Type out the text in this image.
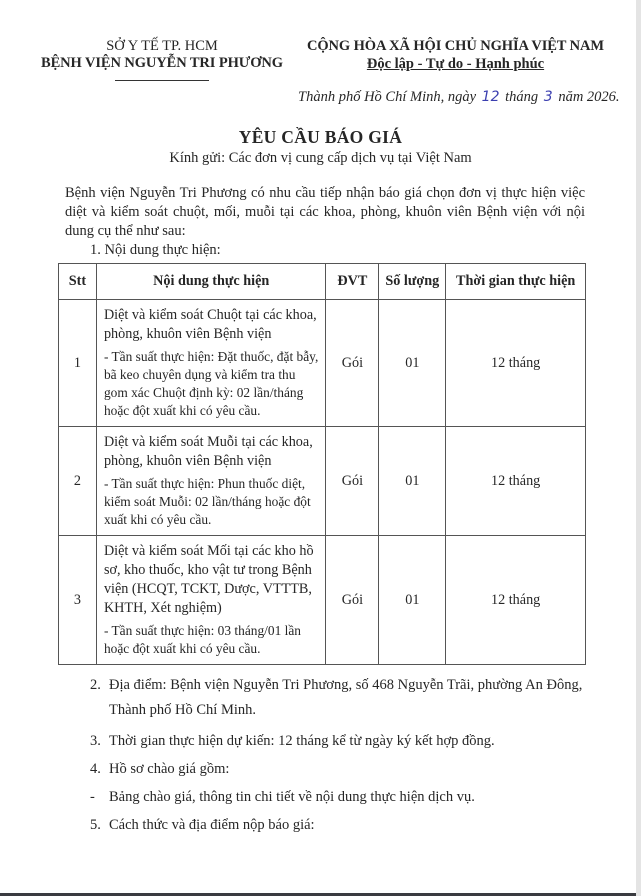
SỞ Y TẾ TP. HCM
BỆNH VIỆN NGUYỄN TRI PHƯƠNG
CỘNG HÒA XÃ HỘI CHỦ NGHĨA VIỆT NAM
Độc lập - Tự do - Hạnh phúc
Thành phố Hồ Chí Minh, ngày 12 tháng 3 năm 2026.
YÊU CẦU BÁO GIÁ
Kính gửi: Các đơn vị cung cấp dịch vụ tại Việt Nam
Bệnh viện Nguyễn Tri Phương có nhu cầu tiếp nhận báo giá chọn đơn vị thực hiện việc diệt và kiểm soát chuột, mối, muỗi tại các khoa, phòng, khuôn viên Bệnh viện với nội dung cụ thể như sau:
1. Nội dung thực hiện:
Stt	Nội dung thực hiện	ĐVT	Số lượng	Thời gian thực hiện
1	Diệt và kiểm soát Chuột tại các khoa, phòng, khuôn viên Bệnh viện
- Tần suất thực hiện: Đặt thuốc, đặt bẫy, bã keo chuyên dụng và kiểm tra thu gom xác Chuột định kỳ: 02 lần/tháng hoặc đột xuất khi có yêu cầu.	Gói	01	12 tháng
2	Diệt và kiểm soát Muỗi tại các khoa, phòng, khuôn viên Bệnh viện
- Tần suất thực hiện: Phun thuốc diệt, kiểm soát Muỗi: 02 lần/tháng hoặc đột xuất khi có yêu cầu.	Gói	01	12 tháng
3	Diệt và kiểm soát Mối tại các kho hồ sơ, kho thuốc, kho vật tư trong Bệnh viện (HCQT, TCKT, Dược, VTTTB, KHTH, Xét nghiệm)
- Tần suất thực hiện: 03 tháng/01 lần hoặc đột xuất khi có yêu cầu.	Gói	01	12 tháng
2. Địa điểm: Bệnh viện Nguyễn Tri Phương, số 468 Nguyễn Trãi, phường An Đông, Thành phố Hồ Chí Minh.
3. Thời gian thực hiện dự kiến: 12 tháng kể từ ngày ký kết hợp đồng.
4. Hồ sơ chào giá gồm:
- Bảng chào giá, thông tin chi tiết về nội dung thực hiện dịch vụ.
5. Cách thức và địa điểm nộp báo giá:
